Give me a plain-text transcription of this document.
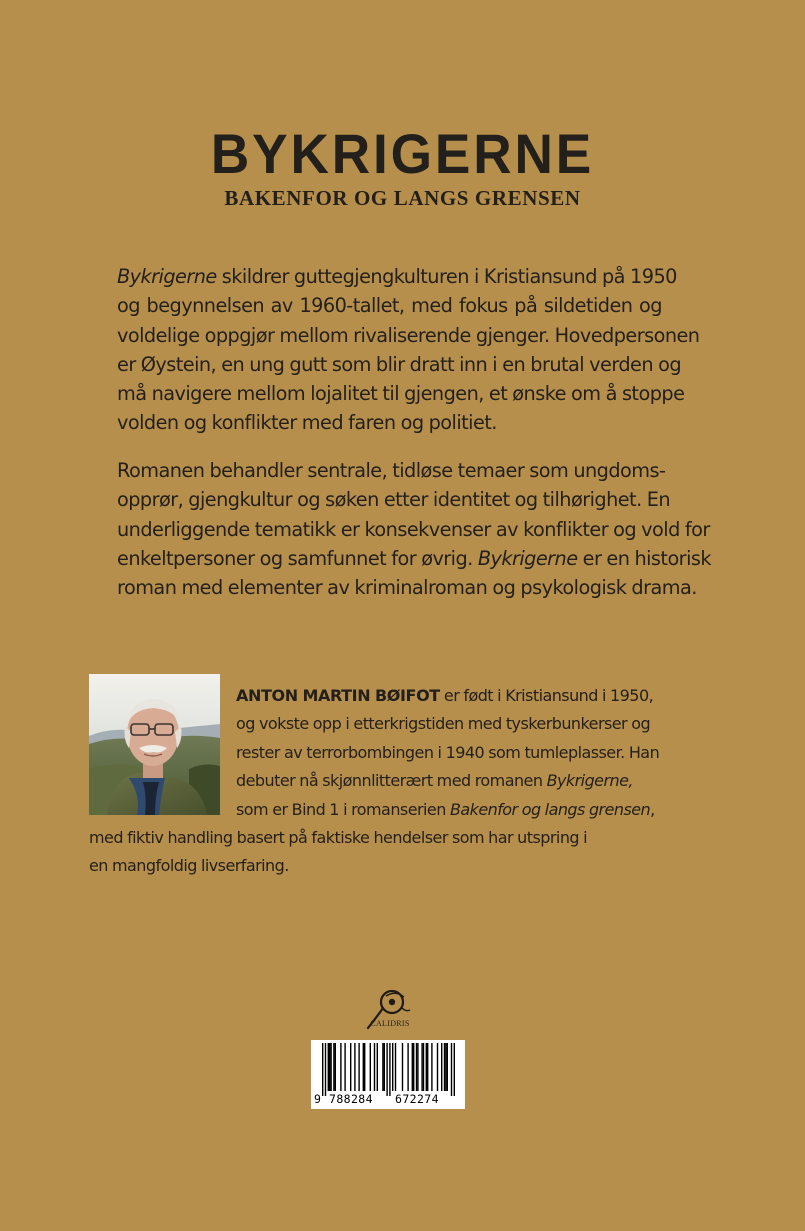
BYKRIGERNE
BAKENFOR OG LANGS GRENSEN
Bykrigerne skildrer guttegjengkulturen i Kristiansund på 1950
og begynnelsen av 1960-tallet, med fokus på sildetiden og
voldelige oppgjør mellom rivaliserende gjenger. Hovedpersonen
er Øystein, en ung gutt som blir dratt inn i en brutal verden og
må navigere mellom lojalitet til gjengen, et ønske om å stoppe
volden og konflikter med faren og politiet.
Romanen behandler sentrale, tidløse temaer som ungdoms-
opprør, gjengkultur og søken etter identitet og tilhørighet. En
underliggende tematikk er konsekvenser av konflikter og vold for
enkeltpersoner og samfunnet for øvrig. Bykrigerne er en historisk
roman med elementer av kriminalroman og psykologisk drama.
ANTON MARTIN BØIFOT er født i Kristiansund i 1950,
og vokste opp i etterkrigstiden med tyskerbunkerser og
rester av terrorbombingen i 1940 som tumleplasser. Han
debuter nå skjønnlitterært med romanen Bykrigerne,
som er Bind 1 i romanserien Bakenfor og langs grensen,
med fiktiv handling basert på faktiske hendelser som har utspring i
en mangfoldig livserfaring.
CALIDRIS
9 788284 672274
